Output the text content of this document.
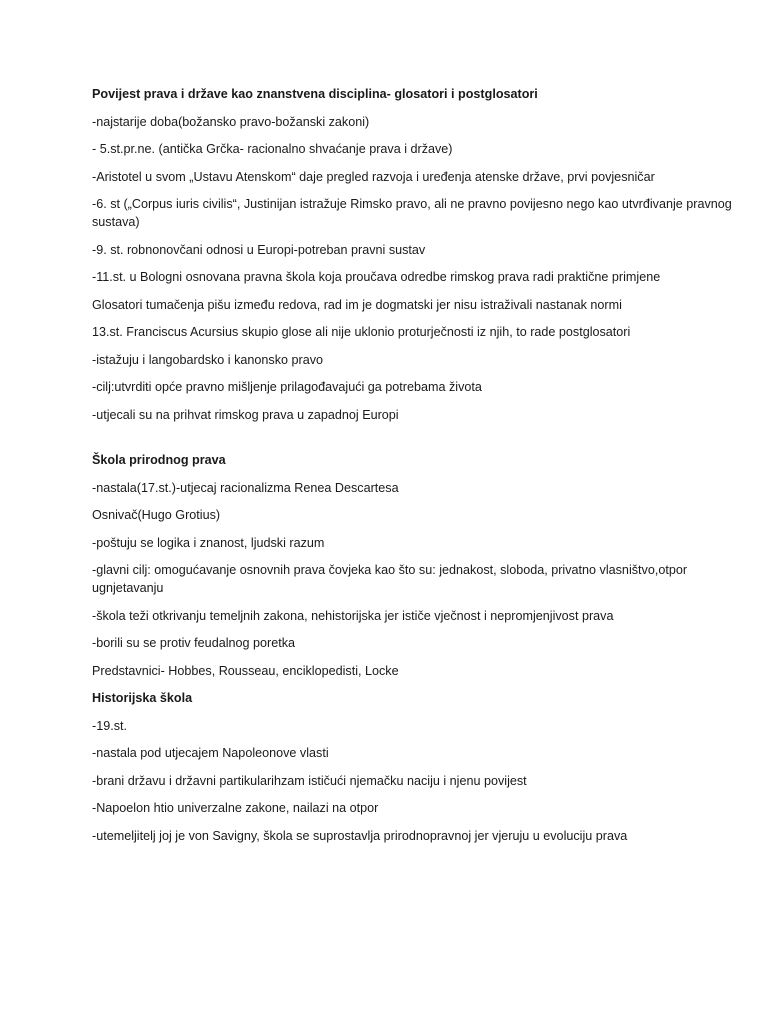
Povijest prava i države kao znanstvena disciplina- glosatori i postglosatori

-najstarije doba(božansko pravo-božanski zakoni)

- 5.st.pr.ne. (antička Grčka- racionalno shvaćanje prava i države)

-Aristotel u svom „Ustavu Atenskom“ daje pregled razvoja i uređenja atenske države, prvi povjesničar

-6. st („Corpus iuris civilis“, Justinijan istražuje Rimsko pravo, ali ne pravno povijesno nego kao utvrđivanje pravnog sustava)

-9. st. robnonovčani odnosi u Europi-potreban pravni sustav

-11.st. u Bologni osnovana pravna škola koja proučava odredbe rimskog prava radi praktične primjene

Glosatori tumačenja pišu između redova, rad im je dogmatski jer nisu istraživali nastanak normi

13.st. Franciscus Acursius skupio glose ali nije uklonio proturječnosti iz njih, to rade postglosatori

-istažuju i langobardsko i kanonsko pravo

-cilj:utvrditi opće pravno mišljenje prilagođavajući ga potrebama života

-utjecali su na prihvat rimskog prava u zapadnoj Europi

Škola prirodnog prava

-nastala(17.st.)-utjecaj racionalizma Renea Descartesa

Osnivač(Hugo Grotius)

-poštuju se logika i znanost, ljudski razum

-glavni cilj: omogućavanje osnovnih prava čovjeka kao što su: jednakost, sloboda, privatno vlasništvo,otpor ugnjetavanju

-škola teži otkrivanju temeljnih zakona, nehistorijska jer ističe vječnost i nepromjenjivost prava

-borili su se protiv feudalnog poretka

Predstavnici- Hobbes, Rousseau, enciklopedisti, Locke

Historijska škola

-19.st.

-nastala pod utjecajem Napoleonove vlasti

-brani državu i državni partikularihzam ističući njemačku naciju i njenu povijest

-Napoelon htio univerzalne zakone, nailazi na otpor

-utemeljitelj joj je von Savigny, škola se suprostavlja prirodnopravnoj jer vjeruju u evoluciju prava
